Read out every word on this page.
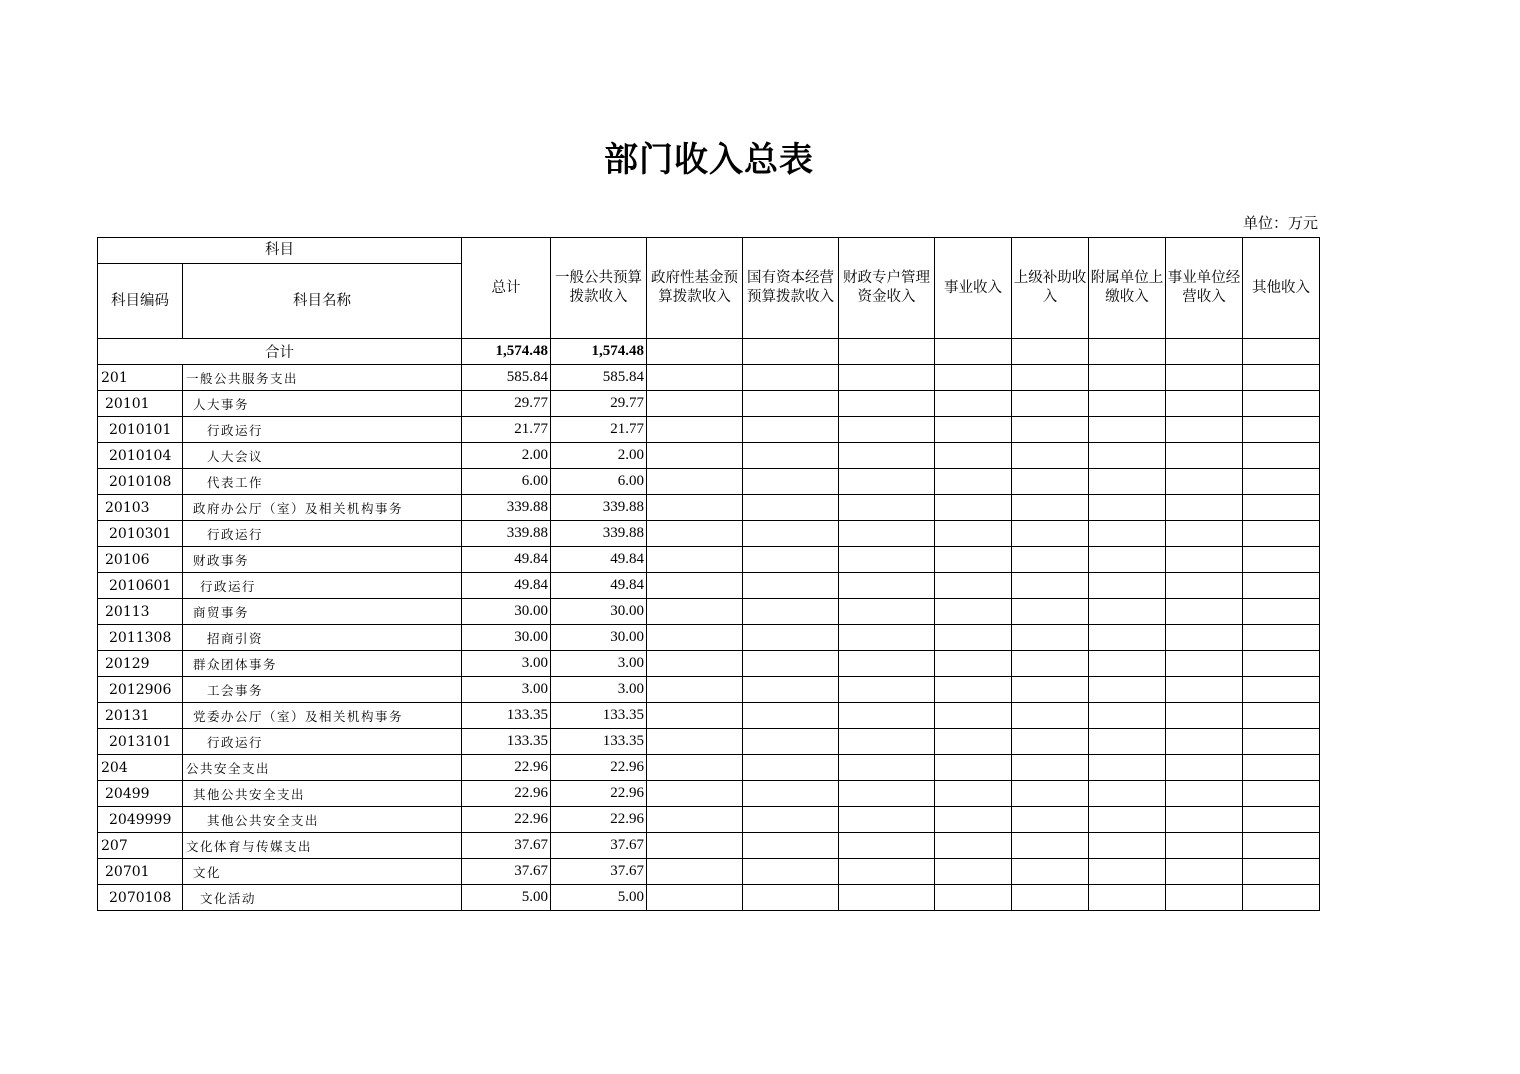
部门收入总表
单位：万元
科目		总计	一般公共预算拨款收入	政府性基金预算拨款收入	国有资本经营预算拨款收入	财政专户管理资金收入	事业收入	上级补助收入	附属单位上缴收入	事业单位经营收入	其他收入
科目编码	科目名称										
合计		1,574.48	1,574.48								
201	一般公共服务支出	585.84	585.84								
20101	人大事务	29.77	29.77								
2010101	行政运行	21.77	21.77								
2010104	人大会议	2.00	2.00								
2010108	代表工作	6.00	6.00								
20103	政府办公厅（室）及相关机构事务	339.88	339.88								
2010301	行政运行	339.88	339.88								
20106	财政事务	49.84	49.84								
2010601	行政运行	49.84	49.84								
20113	商贸事务	30.00	30.00								
2011308	招商引资	30.00	30.00								
20129	群众团体事务	3.00	3.00								
2012906	工会事务	3.00	3.00								
20131	党委办公厅（室）及相关机构事务	133.35	133.35								
2013101	行政运行	133.35	133.35								
204	公共安全支出	22.96	22.96								
20499	其他公共安全支出	22.96	22.96								
2049999	其他公共安全支出	22.96	22.96								
207	文化体育与传媒支出	37.67	37.67								
20701	文化	37.67	37.67								
2070108	文化活动	5.00	5.00								
